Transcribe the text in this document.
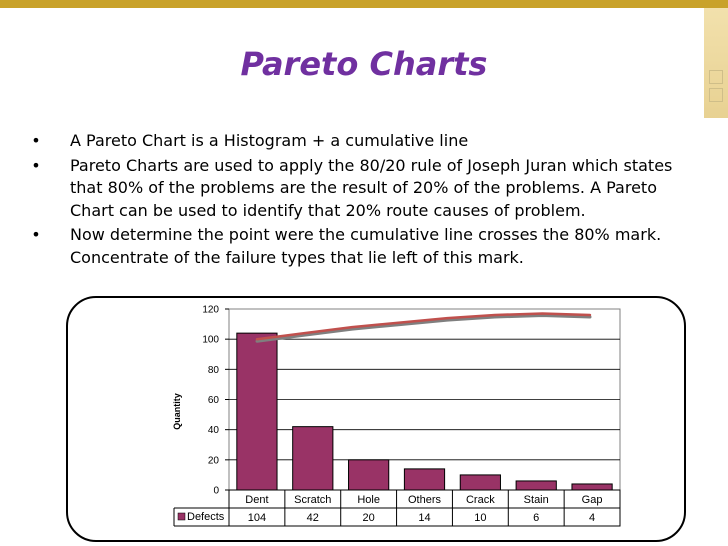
Pareto Charts
• A Pareto Chart is a Histogram + a cumulative line
• Pareto Charts are used to apply the 80/20 rule of Joseph Juran which states that 80% of the problems are the result of 20% of the problems. A Pareto Chart can be used to identify that 20% route causes of problem.
• Now determine the point were the cumulative line crosses the 80% mark. Concentrate of the failure types that lie left of this mark.
0
20
40
60
80
100
120
Quantity
Dent
104
Scratch
42
Hole
20
Others
14
Crack
10
Stain
6
Gap
4
Defects
